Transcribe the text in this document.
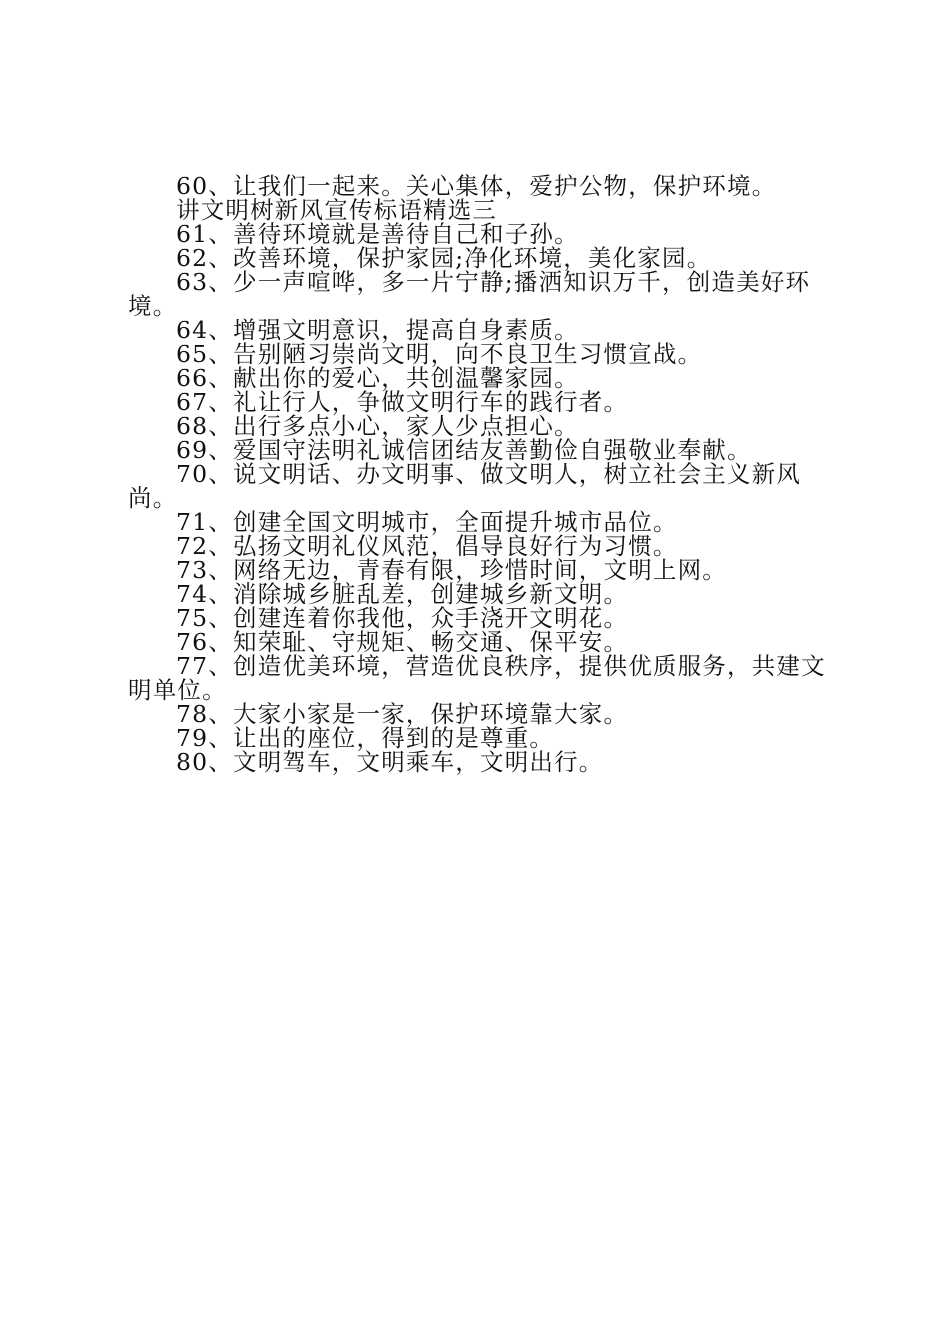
60、让我们一起来。关心集体，爱护公物，保护环境。

讲文明树新风宣传标语精选三

61、善待环境就是善待自己和子孙。

62、改善环境，保护家园;净化环境，美化家园。

63、少一声喧哗，多一片宁静;播洒知识万千，创造美好环境。

64、增强文明意识，提高自身素质。

65、告别陋习崇尚文明，向不良卫生习惯宣战。

66、献出你的爱心，共创温馨家园。

67、礼让行人，争做文明行车的践行者。

68、出行多点小心，家人少点担心。

69、爱国守法明礼诚信团结友善勤俭自强敬业奉献。

70、说文明话、办文明事、做文明人，树立社会主义新风尚。

71、创建全国文明城市，全面提升城市品位。

72、弘扬文明礼仪风范，倡导良好行为习惯。

73、网络无边，青春有限，珍惜时间，文明上网。

74、消除城乡脏乱差，创建城乡新文明。

75、创建连着你我他，众手浇开文明花。

76、知荣耻、守规矩、畅交通、保平安。

77、创造优美环境，营造优良秩序，提供优质服务，共建文明单位。

78、大家小家是一家，保护环境靠大家。

79、让出的座位，得到的是尊重。

80、文明驾车，文明乘车，文明出行。
